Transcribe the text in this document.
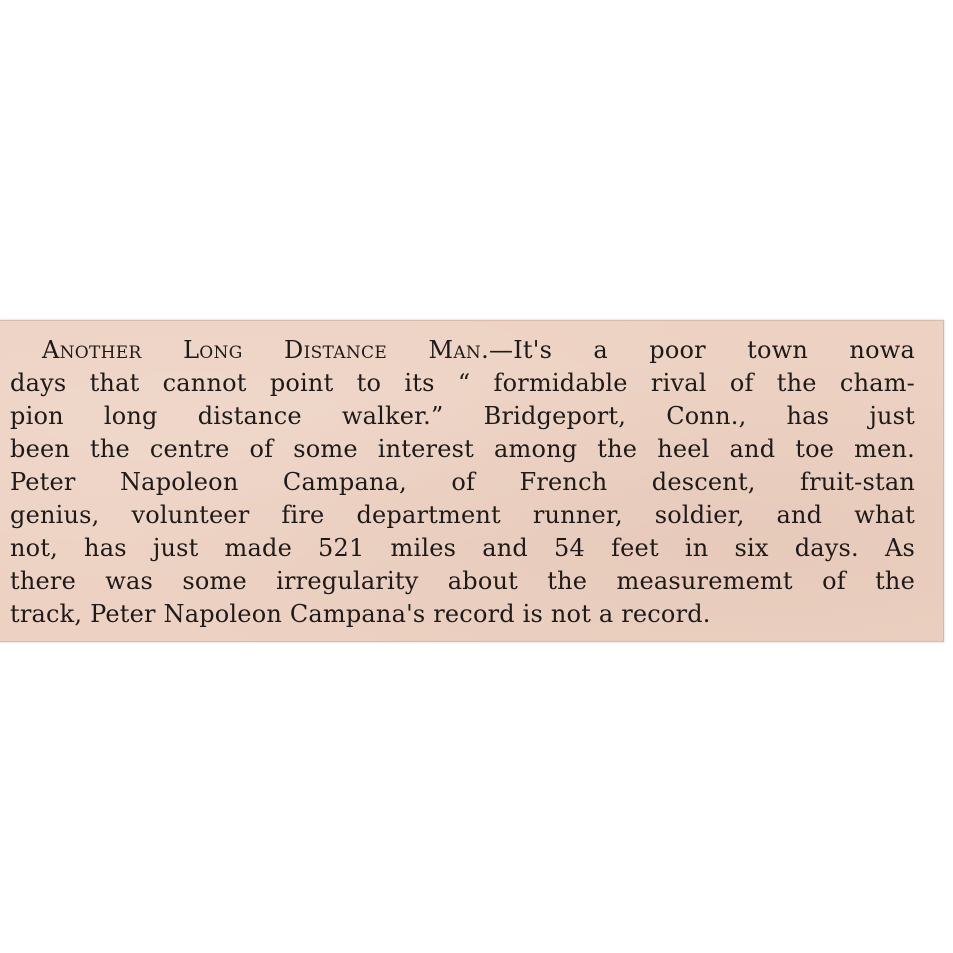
Another Long Distance Man.—It's a poor town nowa
days that cannot point to its “ formidable rival of the cham-
pion long distance walker.” Bridgeport, Conn., has just
been the centre of some interest among the heel and toe men.
Peter Napoleon Campana, of French descent, fruit-stan
genius, volunteer fire department runner, soldier, and what
not, has just made 521 miles and 54 feet in six days. As
there was some irregularity about the measurememt of the
track, Peter Napoleon Campana's record is not a record.
